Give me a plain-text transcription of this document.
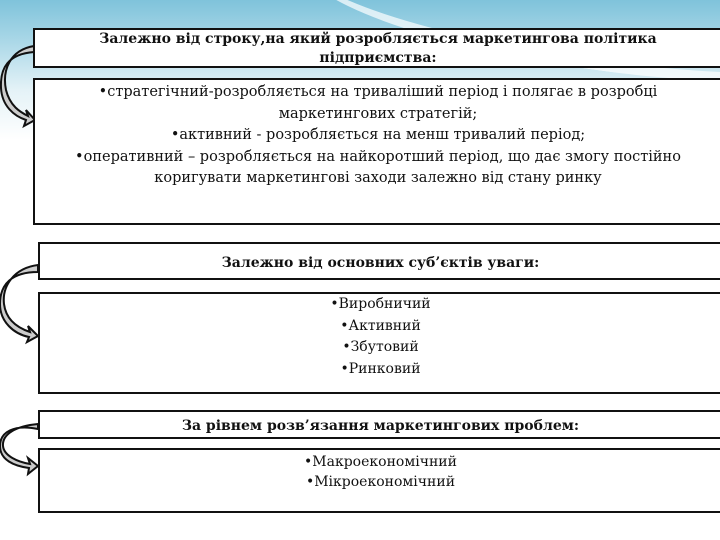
Залежно від строку,на який розробляється маркетингова політика
підприємства:
•стратегічний-розробляється на триваліший період і полягає в розробці
маркетингових стратегій;
•активний - розробляється на менш тривалий період;
•оперативний – розробляється на найкоротший період, що дає змогу постійно
коригувати маркетингові заходи залежно від стану ринку
Залежно від основних суб’єктів уваги:
•Виробничий
•Активний
•Збутовий
•Ринковий
За рівнем розв’язання маркетингових проблем:
•Макроекономічний
•Мікроекономічний
